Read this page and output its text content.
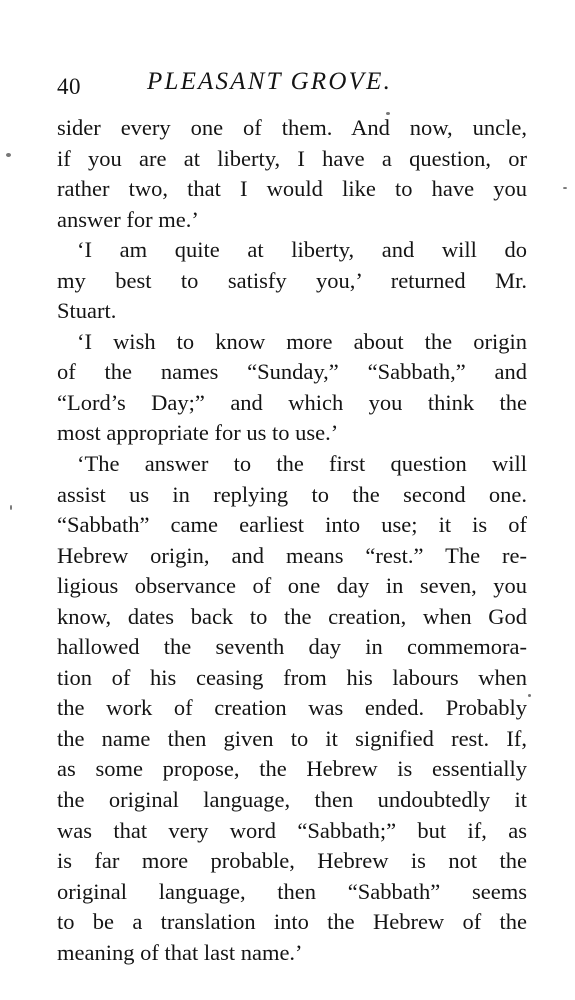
40	PLEASANT GROVE.
sider every one of them. And now, uncle,
if you are at liberty, I have a question, or
rather two, that I would like to have you
answer for me.’
‘I am quite at liberty, and will do
my best to satisfy you,’ returned Mr.
Stuart.
‘I wish to know more about the origin
of the names “Sunday,” “Sabbath,” and
“Lord’s Day;” and which you think the
most appropriate for us to use.’
‘The answer to the first question will
assist us in replying to the second one.
“Sabbath” came earliest into use; it is of
Hebrew origin, and means “rest.” The re-
ligious observance of one day in seven, you
know, dates back to the creation, when God
hallowed the seventh day in commemora-
tion of his ceasing from his labours when
the work of creation was ended. Probably
the name then given to it signified rest. If,
as some propose, the Hebrew is essentially
the original language, then undoubtedly it
was that very word “Sabbath;” but if, as
is far more probable, Hebrew is not the
original language, then “Sabbath” seems
to be a translation into the Hebrew of the
meaning of that last name.’
